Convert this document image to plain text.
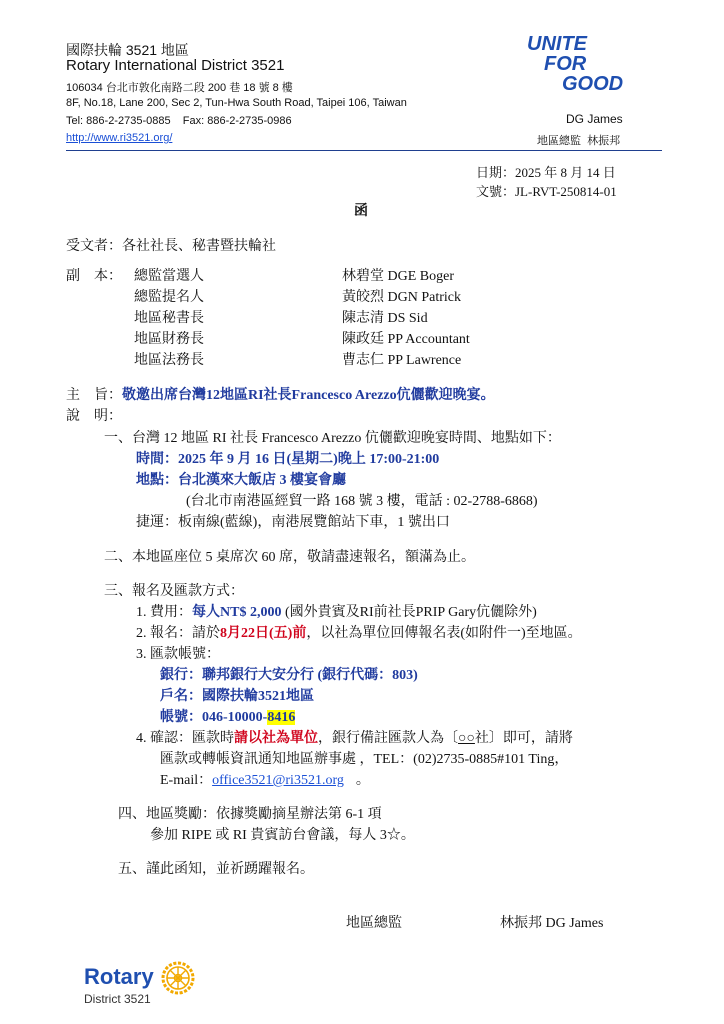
國際扶輪 3521 地區
Rotary International District 3521
106034 台北市敦化南路二段 200 巷 18 號 8 樓
8F, No.18, Lane 200, Sec 2, Tun-Hwa South Road, Taipei 106, Taiwan
Tel: 886-2-2735-0885    Fax: 886-2-2735-0986
http://www.ri3521.org/
UNITE
FOR
GOOD
DG James
地區總監  林振邦
日期：2025 年 8 月 14 日
文號：JL-RVT-250814-01
函
受文者：各社社長、秘書暨扶輪社
副    本： 總監當選人	林碧堂 DGE Boger
總監提名人	黃皎烈 DGN Patrick
地區秘書長	陳志清 DS Sid
地區財務長	陳政廷 PP Accountant
地區法務長	曹志仁 PP Lawrence
主    旨：敬邀出席台灣12地區RI社長Francesco Arezzo伉儷歡迎晚宴。
說    明：
一、台灣 12 地區 RI 社長 Francesco Arezzo 伉儷歡迎晚宴時間、地點如下：
時間：2025 年 9 月 16 日(星期二)晚上 17:00-21:00
地點：台北漢來大飯店 3 樓宴會廳
(台北市南港區經貿一路 168 號 3 樓，電話 : 02-2788-6868)
捷運：板南線(藍線)，南港展覽館站下車，1 號出口
二、本地區座位 5 桌席次 60 席，敬請盡速報名，額滿為止。
三、報名及匯款方式：
1. 費用：每人NT$ 2,000 (國外貴賓及RI前社長PRIP Gary伉儷除外)
2. 報名：請於8月22日(五)前，以社為單位回傳報名表(如附件一)至地區。
3. 匯款帳號：
銀行：聯邦銀行大安分行 (銀行代碼：803)
戶名：國際扶輪3521地區
帳號：046-10000-8416
4. 確認：匯款時請以社為單位，銀行備註匯款人為〔○○社〕即可，請將
匯款或轉帳資訊通知地區辦事處 ，TEL：(02)2735-0885#101 Ting，
E-mail：office3521@ri3521.org 。
四、地區獎勵：依據獎勵摘星辦法第 6-1 項
參加 RIPE 或 RI 貴賓訪台會議，每人 3☆。
五、謹此函知，並祈踴躍報名。
地區總監	林振邦 DG James
Rotary
District 3521
